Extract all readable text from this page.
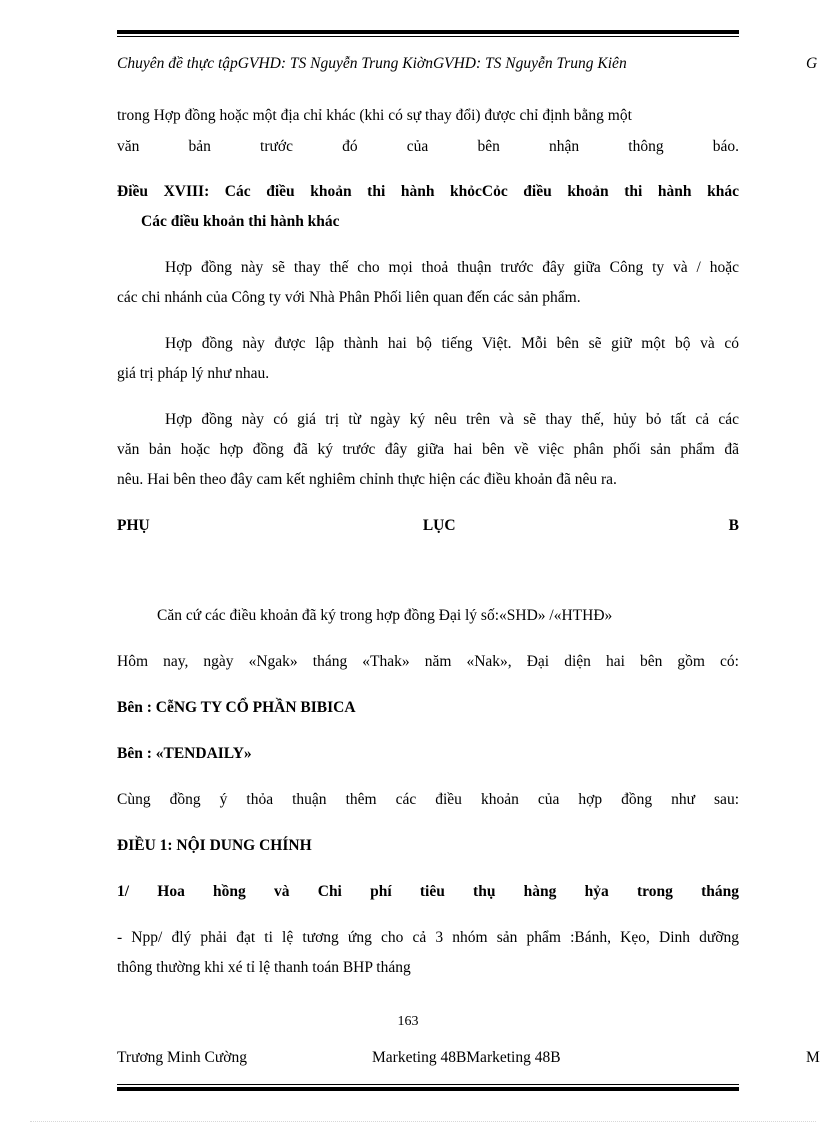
Chuyên đề thực tậpGVHD: TS Nguyễn Trung KiờnGVHD: TS Nguyễn Trung Kiên	G
trong Hợp đồng hoặc một địa chỉ khác (khi có sự thay đổi) được chỉ định bằng một
văn bản trước đó của bên nhận thông báo.
Điều XVIII: Các điều khoản thi hành khỏcCỏc điều khoản thi hành khác
Các điều khoản thi hành khác
Hợp đồng này sẽ thay thế cho mọi thoả thuận trước đây giữa Công ty và / hoặc
các chi nhánh của Công ty với Nhà Phân Phối liên quan đến các sản phẩm.
Hợp đồng này được lập thành hai bộ tiếng Việt. Mỗi bên sẽ giữ một bộ và có
giá trị pháp lý như nhau.
Hợp đồng này có giá trị từ ngày ký nêu trên và sẽ thay thế, hủy bỏ tất cả các
văn bản hoặc hợp đồng đã ký trước đây giữa hai bên về việc phân phối sản phẩm đã
nêu. Hai bên theo đây cam kết nghiêm chỉnh thực hiện các điều khoản đã nêu ra.
PHỤ LỤC B
Căn cứ các điều khoản đã ký trong hợp đồng Đại lý số:«SHD» /«HTHĐ»
Hôm nay, ngày «Ngak» tháng «Thak» năm «Nak», Đại diện hai bên gồm có:
Bên : CễNG TY CỔ PHẦN BIBICA
Bên : «TENDAILY»
Cùng đồng ý thỏa thuận thêm các điều khoản của hợp đồng như sau:
ĐIỀU 1: NỘI DUNG CHÍNH
1/ Hoa hồng và Chi phí tiêu thụ hàng hỷa trong tháng
- Npp/ đlý phải đạt ti lệ tương ứng cho cả 3 nhóm sản phẩm :Bánh, Kẹo, Dinh dưỡng
thông thường khi xé tỉ lệ thanh toán BHP tháng
163
Trương Minh Cường	Marketing 48BMarketing 48B	M
